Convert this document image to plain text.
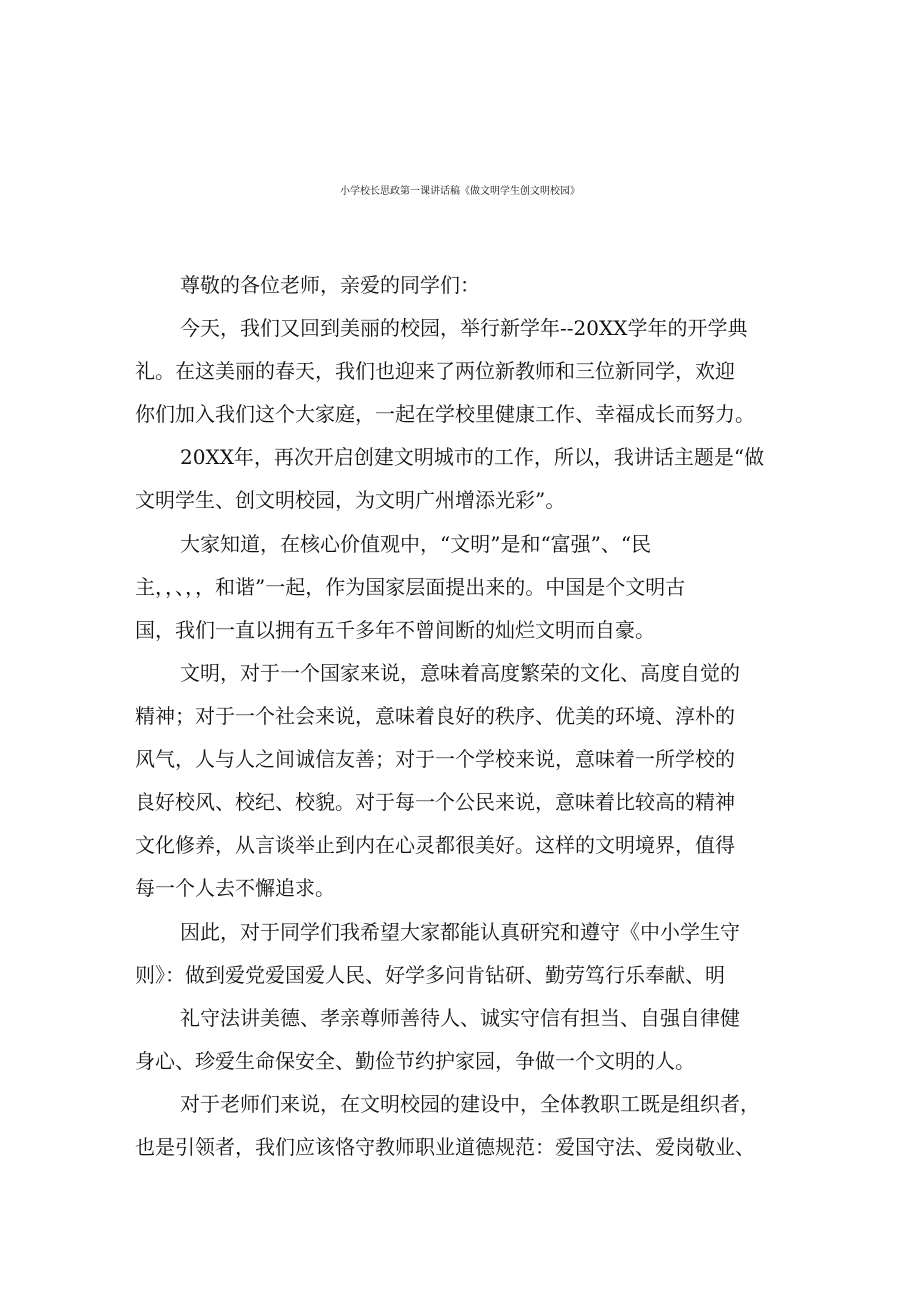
小学校长思政第一课讲话稿《做文明学生创文明校园》
尊敬的各位老师，亲爱的同学们：
今天，我们又回到美丽的校园，举行新学年--20XX学年的开学典
礼。在这美丽的春天，我们也迎来了两位新教师和三位新同学，欢迎
你们加入我们这个大家庭，一起在学校里健康工作、幸福成长而努力。
20XX年，再次开启创建文明城市的工作，所以，我讲话主题是“做
文明学生、创文明校园，为文明广州增添光彩”。
大家知道，在核心价值观中，“文明”是和“富强”、“民
主，，、，，和谐”一起，作为国家层面提出来的。中国是个文明古
国，我们一直以拥有五千多年不曾间断的灿烂文明而自豪。
文明，对于一个国家来说，意味着高度繁荣的文化、高度自觉的
精神；对于一个社会来说，意味着良好的秩序、优美的环境、淳朴的
风气，人与人之间诚信友善；对于一个学校来说，意味着一所学校的
良好校风、校纪、校貌。对于每一个公民来说，意味着比较高的精神
文化修养，从言谈举止到内在心灵都很美好。这样的文明境界，值得
每一个人去不懈追求。
因此，对于同学们我希望大家都能认真研究和遵守《中小学生守
则》：做到爱党爱国爱人民、好学多问肯钻研、勤劳笃行乐奉献、明
礼守法讲美德、孝亲尊师善待人、诚实守信有担当、自强自律健
身心、珍爱生命保安全、勤俭节约护家园，争做一个文明的人。
对于老师们来说，在文明校园的建设中，全体教职工既是组织者，
也是引领者，我们应该恪守教师职业道德规范：爱国守法、爱岗敬业、
